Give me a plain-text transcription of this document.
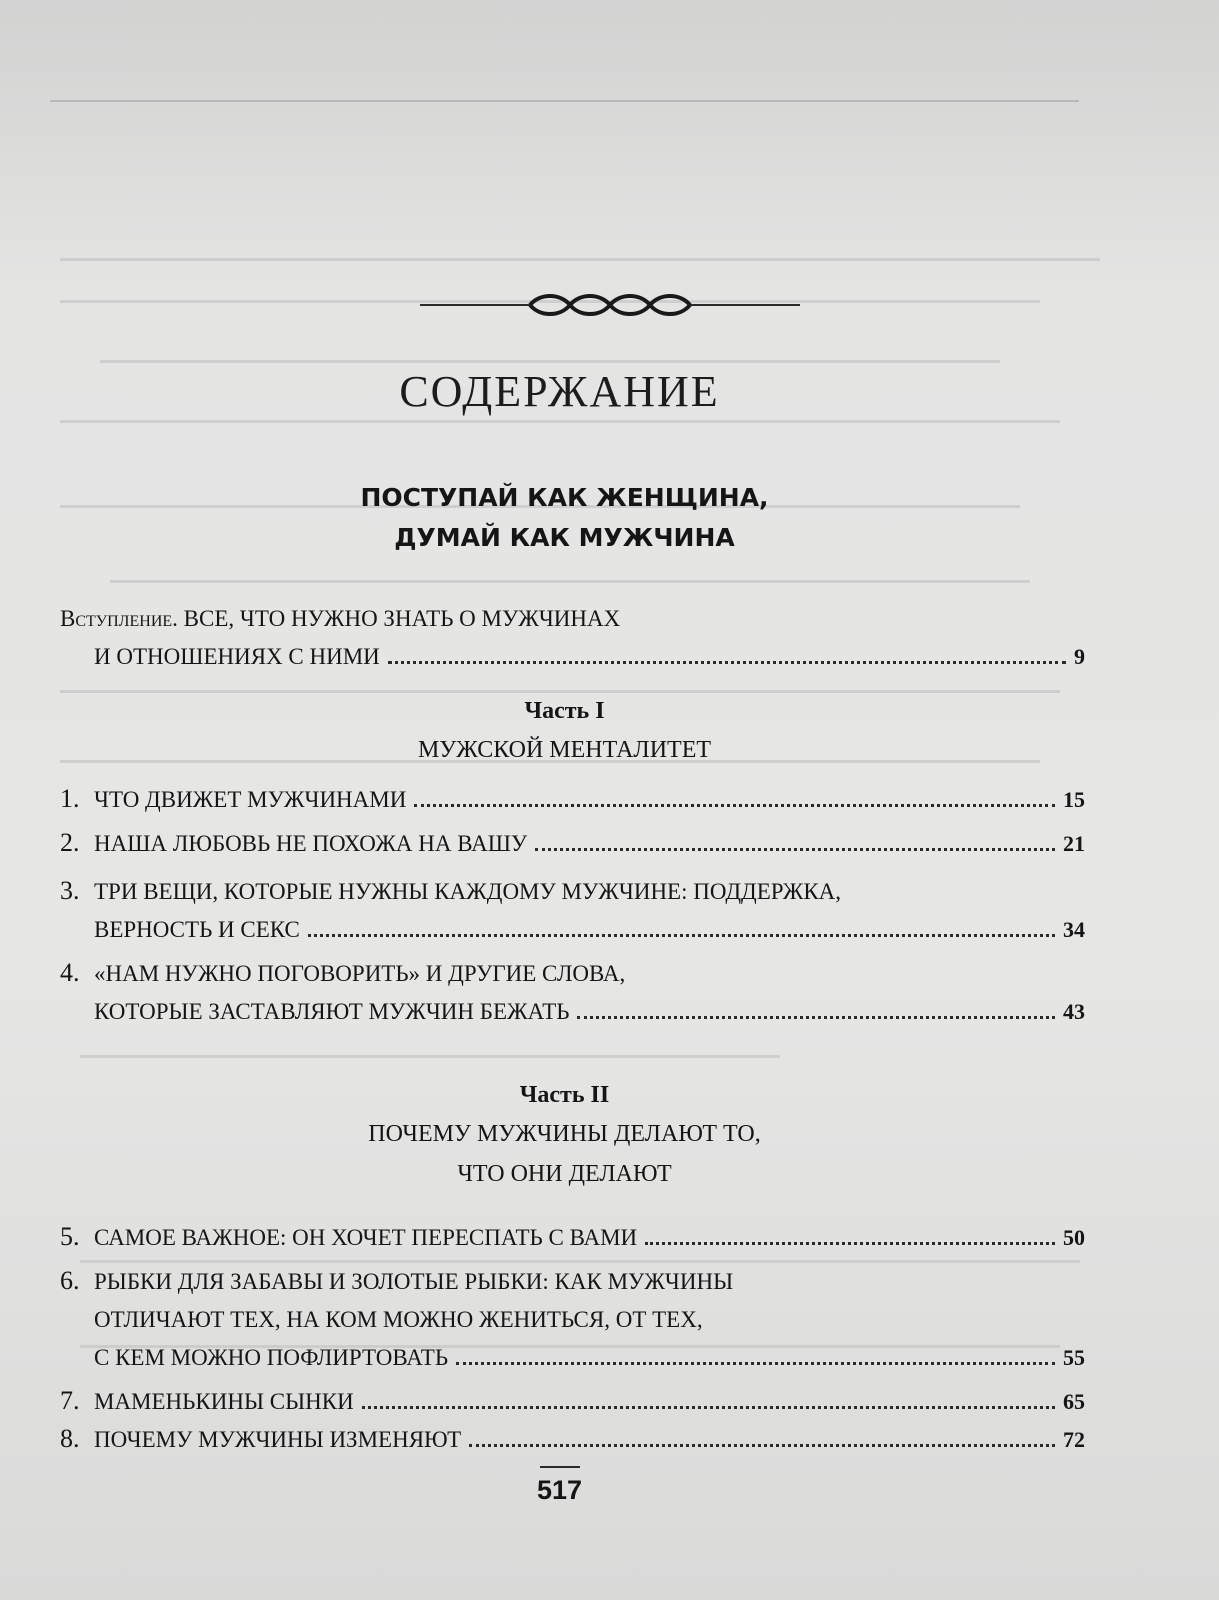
СОДЕРЖАНИЕ
ПОСТУПАЙ КАК ЖЕНЩИНА,
ДУМАЙ КАК МУЖЧИНА
Вступление. ВСЕ, ЧТО НУЖНО ЗНАТЬ О МУЖЧИНАХ
И ОТНОШЕНИЯХ С НИМИ	9
Часть I
МУЖСКОЙ МЕНТАЛИТЕТ
1. ЧТО ДВИЖЕТ МУЖЧИНАМИ	15
2. НАША ЛЮБОВЬ НЕ ПОХОЖА НА ВАШУ	21
3. ТРИ ВЕЩИ, КОТОРЫЕ НУЖНЫ КАЖДОМУ МУЖЧИНЕ: ПОДДЕРЖКА,
ВЕРНОСТЬ И СЕКС	34
4. «НАМ НУЖНО ПОГОВОРИТЬ» И ДРУГИЕ СЛОВА,
КОТОРЫЕ ЗАСТАВЛЯЮТ МУЖЧИН БЕЖАТЬ	43
Часть II
ПОЧЕМУ МУЖЧИНЫ ДЕЛАЮТ ТО,
ЧТО ОНИ ДЕЛАЮТ
5. САМОЕ ВАЖНОЕ: ОН ХОЧЕТ ПЕРЕСПАТЬ С ВАМИ	50
6. РЫБКИ ДЛЯ ЗАБАВЫ И ЗОЛОТЫЕ РЫБКИ: КАК МУЖЧИНЫ
ОТЛИЧАЮТ ТЕХ, НА КОМ МОЖНО ЖЕНИТЬСЯ, ОТ ТЕХ,
С КЕМ МОЖНО ПОФЛИРТОВАТЬ	55
7. МАМЕНЬКИНЫ СЫНКИ	65
8. ПОЧЕМУ МУЖЧИНЫ ИЗМЕНЯЮТ	72
517
